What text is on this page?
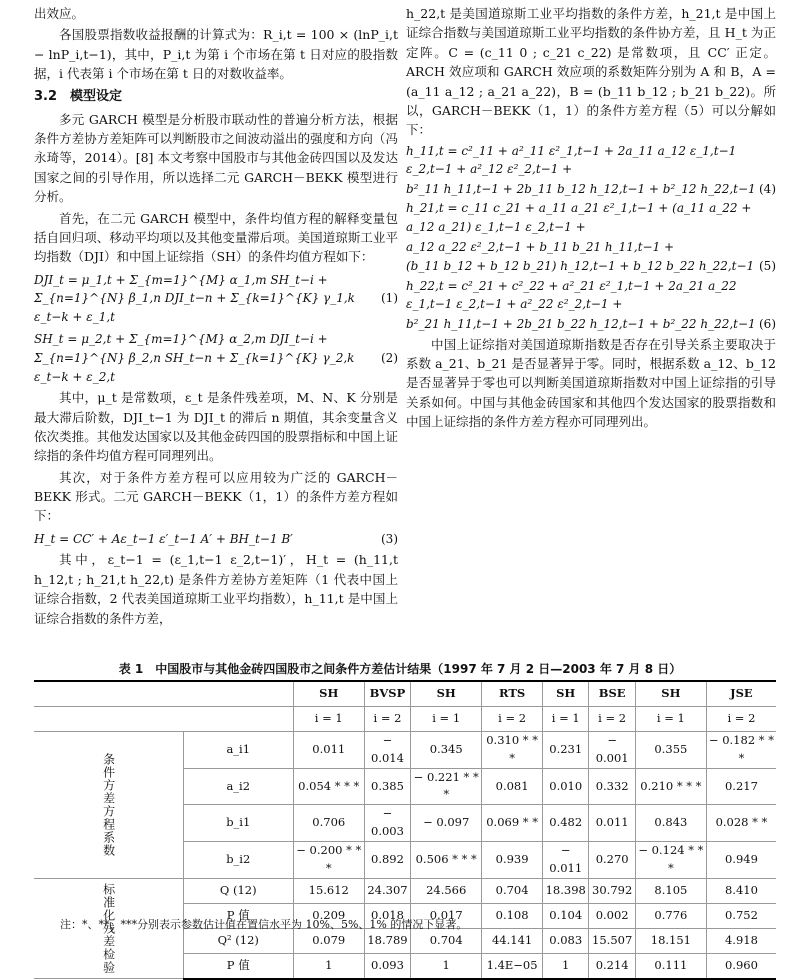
出效应。

各国股票指数收益报酬的计算式为：R_i,t = 100 × (lnP_i,t − lnP_i,t−1)，其中，P_i,t 为第 i 个市场在第 t 日对应的股指数据，i 代表第 i 个市场在第 t 日的对数收益率。

3.2　模型设定

多元 GARCH 模型是分析股市联动性的普遍分析方法，根据条件方差协方差矩阵可以判断股市之间波动溢出的强度和方向（冯永琦等，2014）。[8] 本文考察中国股市与其他金砖四国以及发达国家之间的引导作用，所以选择二元 GARCH－BEKK 模型进行分析。

首先，在二元 GARCH 模型中，条件均值方程的解释变量包括自回归项、移动平均项以及其他变量滞后项。美国道琼斯工业平均指数（DJI）和中国上证综指（SH）的条件均值方程如下：

DJI_t = μ_1,t + Σ_{m=1}^{M} α_1,m SH_t−i + Σ_{n=1}^{N} β_1,n DJI_t−n + Σ_{k=1}^{K} γ_1,k ε_t−k + ε_1,t
(1)
SH_t = μ_2,t + Σ_{m=1}^{M} α_2,m DJI_t−i + Σ_{n=1}^{N} β_2,n SH_t−n + Σ_{k=1}^{K} γ_2,k ε_t−k + ε_2,t
(2)

其中，μ_t 是常数项，ε_t 是条件残差项，M、N、K 分别是最大滞后阶数，DJI_t−1 为 DJI_t 的滞后 n 期值，其余变量含义依次类推。其他发达国家以及其他金砖四国的股票指标和中国上证综指的条件均值方程可同理列出。

其次，对于条件方差方程可以应用较为广泛的 GARCH－BEKK 形式。二元 GARCH－BEKK（1，1）的条件方差方程如下：

H_t = CC′ + Aε_t−1 ε′_t−1 A′ + BH_t−1 B′	(3)

其中，ε_t−1 = (ε_1,t−1 ε_2,t−1)′，H_t = (h_11,t h_12,t ; h_21,t h_22,t) 是条件方差协方差矩阵（1 代表中国上证综合指数，2 代表美国道琼斯工业平均指数），h_11,t 是中国上证综合指数的条件方差，

h_22,t 是美国道琼斯工业平均指数的条件方差，h_21,t 是中国上证综合指数与美国道琼斯工业平均指数的条件协方差，且 H_t 为正定阵。C = (c_11 0 ; c_21 c_22) 是常数项，且 CC′ 正定。ARCH 效应项和 GARCH 效应项的系数矩阵分别为 A 和 B，A = (a_11 a_12 ; a_21 a_22)，B = (b_11 b_12 ; b_21 b_22)。所以，GARCH－BEKK（1，1）的条件方差方程（5）可以分解如下：

h_11,t = c²_11 + a²_11 ε²_1,t−1 + 2a_11 a_12 ε_1,t−1 ε_2,t−1 + a²_12 ε²_2,t−1 +
b²_11 h_11,t−1 + 2b_11 b_12 h_12,t−1 + b²_12 h_22,t−1 (4)
h_21,t = c_11 c_21 + a_11 a_21 ε²_1,t−1 + (a_11 a_22 + a_12 a_21) ε_1,t−1 ε_2,t−1 +
a_12 a_22 ε²_2,t−1 + b_11 b_21 h_11,t−1 +
(b_11 b_12 + b_12 b_21) h_12,t−1 + b_12 b_22 h_22,t−1 (5)
h_22,t = c²_21 + c²_22 + a²_21 ε²_1,t−1 + 2a_21 a_22 ε_1,t−1 ε_2,t−1 + a²_22 ε²_2,t−1 +
b²_21 h_11,t−1 + 2b_21 b_22 h_12,t−1 + b²_22 h_22,t−1 (6)

中国上证综指对美国道琼斯指数是否存在引导关系主要取决于系数 a_21、b_21 是否显著异于零。同时，根据系数 a_12、b_12 是否显著异于零也可以判断美国道琼斯指数对中国上证综指的引导关系如何。中国与其他金砖国家和其他四个发达国家的股票指数和中国上证综指的条件方差方程亦可同理列出。

表 1　中国股市与其他金砖四国股市之间条件方差估计结果（1997 年 7 月 2 日—2003 年 7 月 8 日）
		SH	BVSP	SH	RTS	SH	BSE	SH	JSE
		i = 1	i = 2	i = 1	i = 2	i = 1	i = 2	i = 1	i = 2
条件方差方程系数	a_i1	0.011	− 0.014	0.345	0.310 * * *	0.231	− 0.001	0.355	− 0.182 * * *
	a_i2	0.054 * * *	0.385	− 0.221 * * *	0.081	0.010	0.332	0.210 * * *	0.217
	b_i1	0.706	− 0.003	− 0.097	0.069 * *	0.482	0.011	0.843	0.028 * *
	b_i2	− 0.200 * * *	0.892	0.506 * * *	0.939	− 0.011	0.270	− 0.124 * * *	0.949
标准化残差检验	Q (12)	15.612	24.307	24.566	0.704	18.398	30.792	8.105	8.410
	P 值	0.209	0.018	0.017	0.108	0.104	0.002	0.776	0.752
	Q² (12)	0.079	18.789	0.704	44.141	0.083	15.507	18.151	4.918
	P 值	1	0.093	1	1.4E−05	1	0.214	0.111	0.960
注：*、**、***分别表示参数估计值在置信水平为 10%、5%、1% 的情况下显著。
